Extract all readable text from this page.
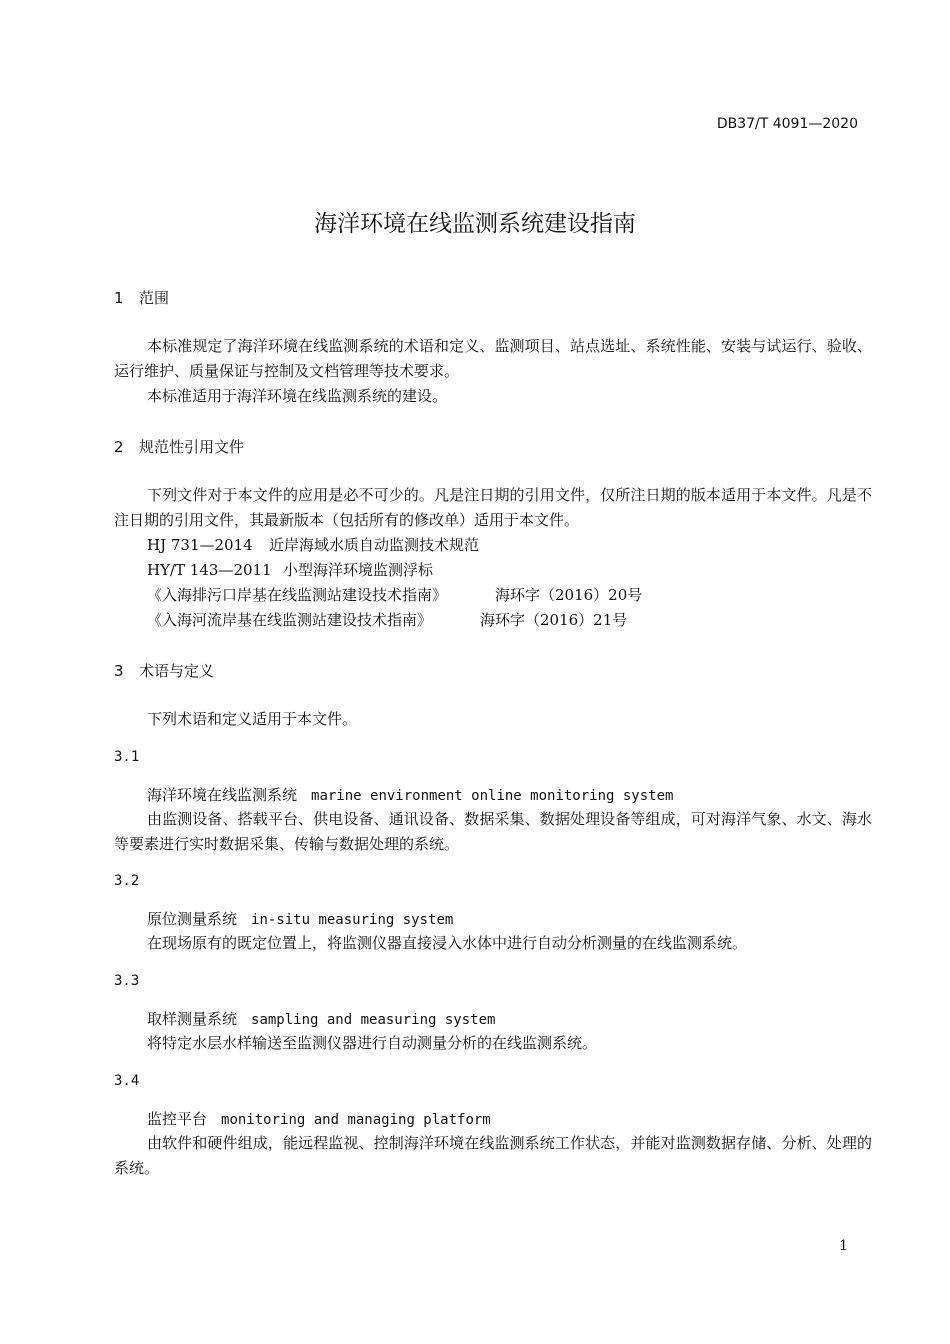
DB37/T 4091—2020
海洋环境在线监测系统建设指南
1 范围
本标准规定了海洋环境在线监测系统的术语和定义、监测项目、站点选址、系统性能、安装与试运行、验收、运行维护、质量保证与控制及文档管理等技术要求。
本标准适用于海洋环境在线监测系统的建设。
2 规范性引用文件
下列文件对于本文件的应用是必不可少的。凡是注日期的引用文件，仅所注日期的版本适用于本文件。凡是不注日期的引用文件，其最新版本（包括所有的修改单）适用于本文件。
HJ 731—2014 近岸海域水质自动监测技术规范
HY/T 143—2011 小型海洋环境监测浮标
《入海排污口岸基在线监测站建设技术指南》	海环字（2016）20号
《入海河流岸基在线监测站建设技术指南》	海环字（2016）21号
3 术语与定义
下列术语和定义适用于本文件。
3.1
海洋环境在线监测系统 marine environment online monitoring system
由监测设备、搭载平台、供电设备、通讯设备、数据采集、数据处理设备等组成，可对海洋气象、水文、海水等要素进行实时数据采集、传输与数据处理的系统。
3.2
原位测量系统 in-situ measuring system
在现场原有的既定位置上，将监测仪器直接浸入水体中进行自动分析测量的在线监测系统。
3.3
取样测量系统 sampling and measuring system
将特定水层水样输送至监测仪器进行自动测量分析的在线监测系统。
3.4
监控平台 monitoring and managing platform
由软件和硬件组成，能远程监视、控制海洋环境在线监测系统工作状态，并能对监测数据存储、分析、处理的系统。
1
